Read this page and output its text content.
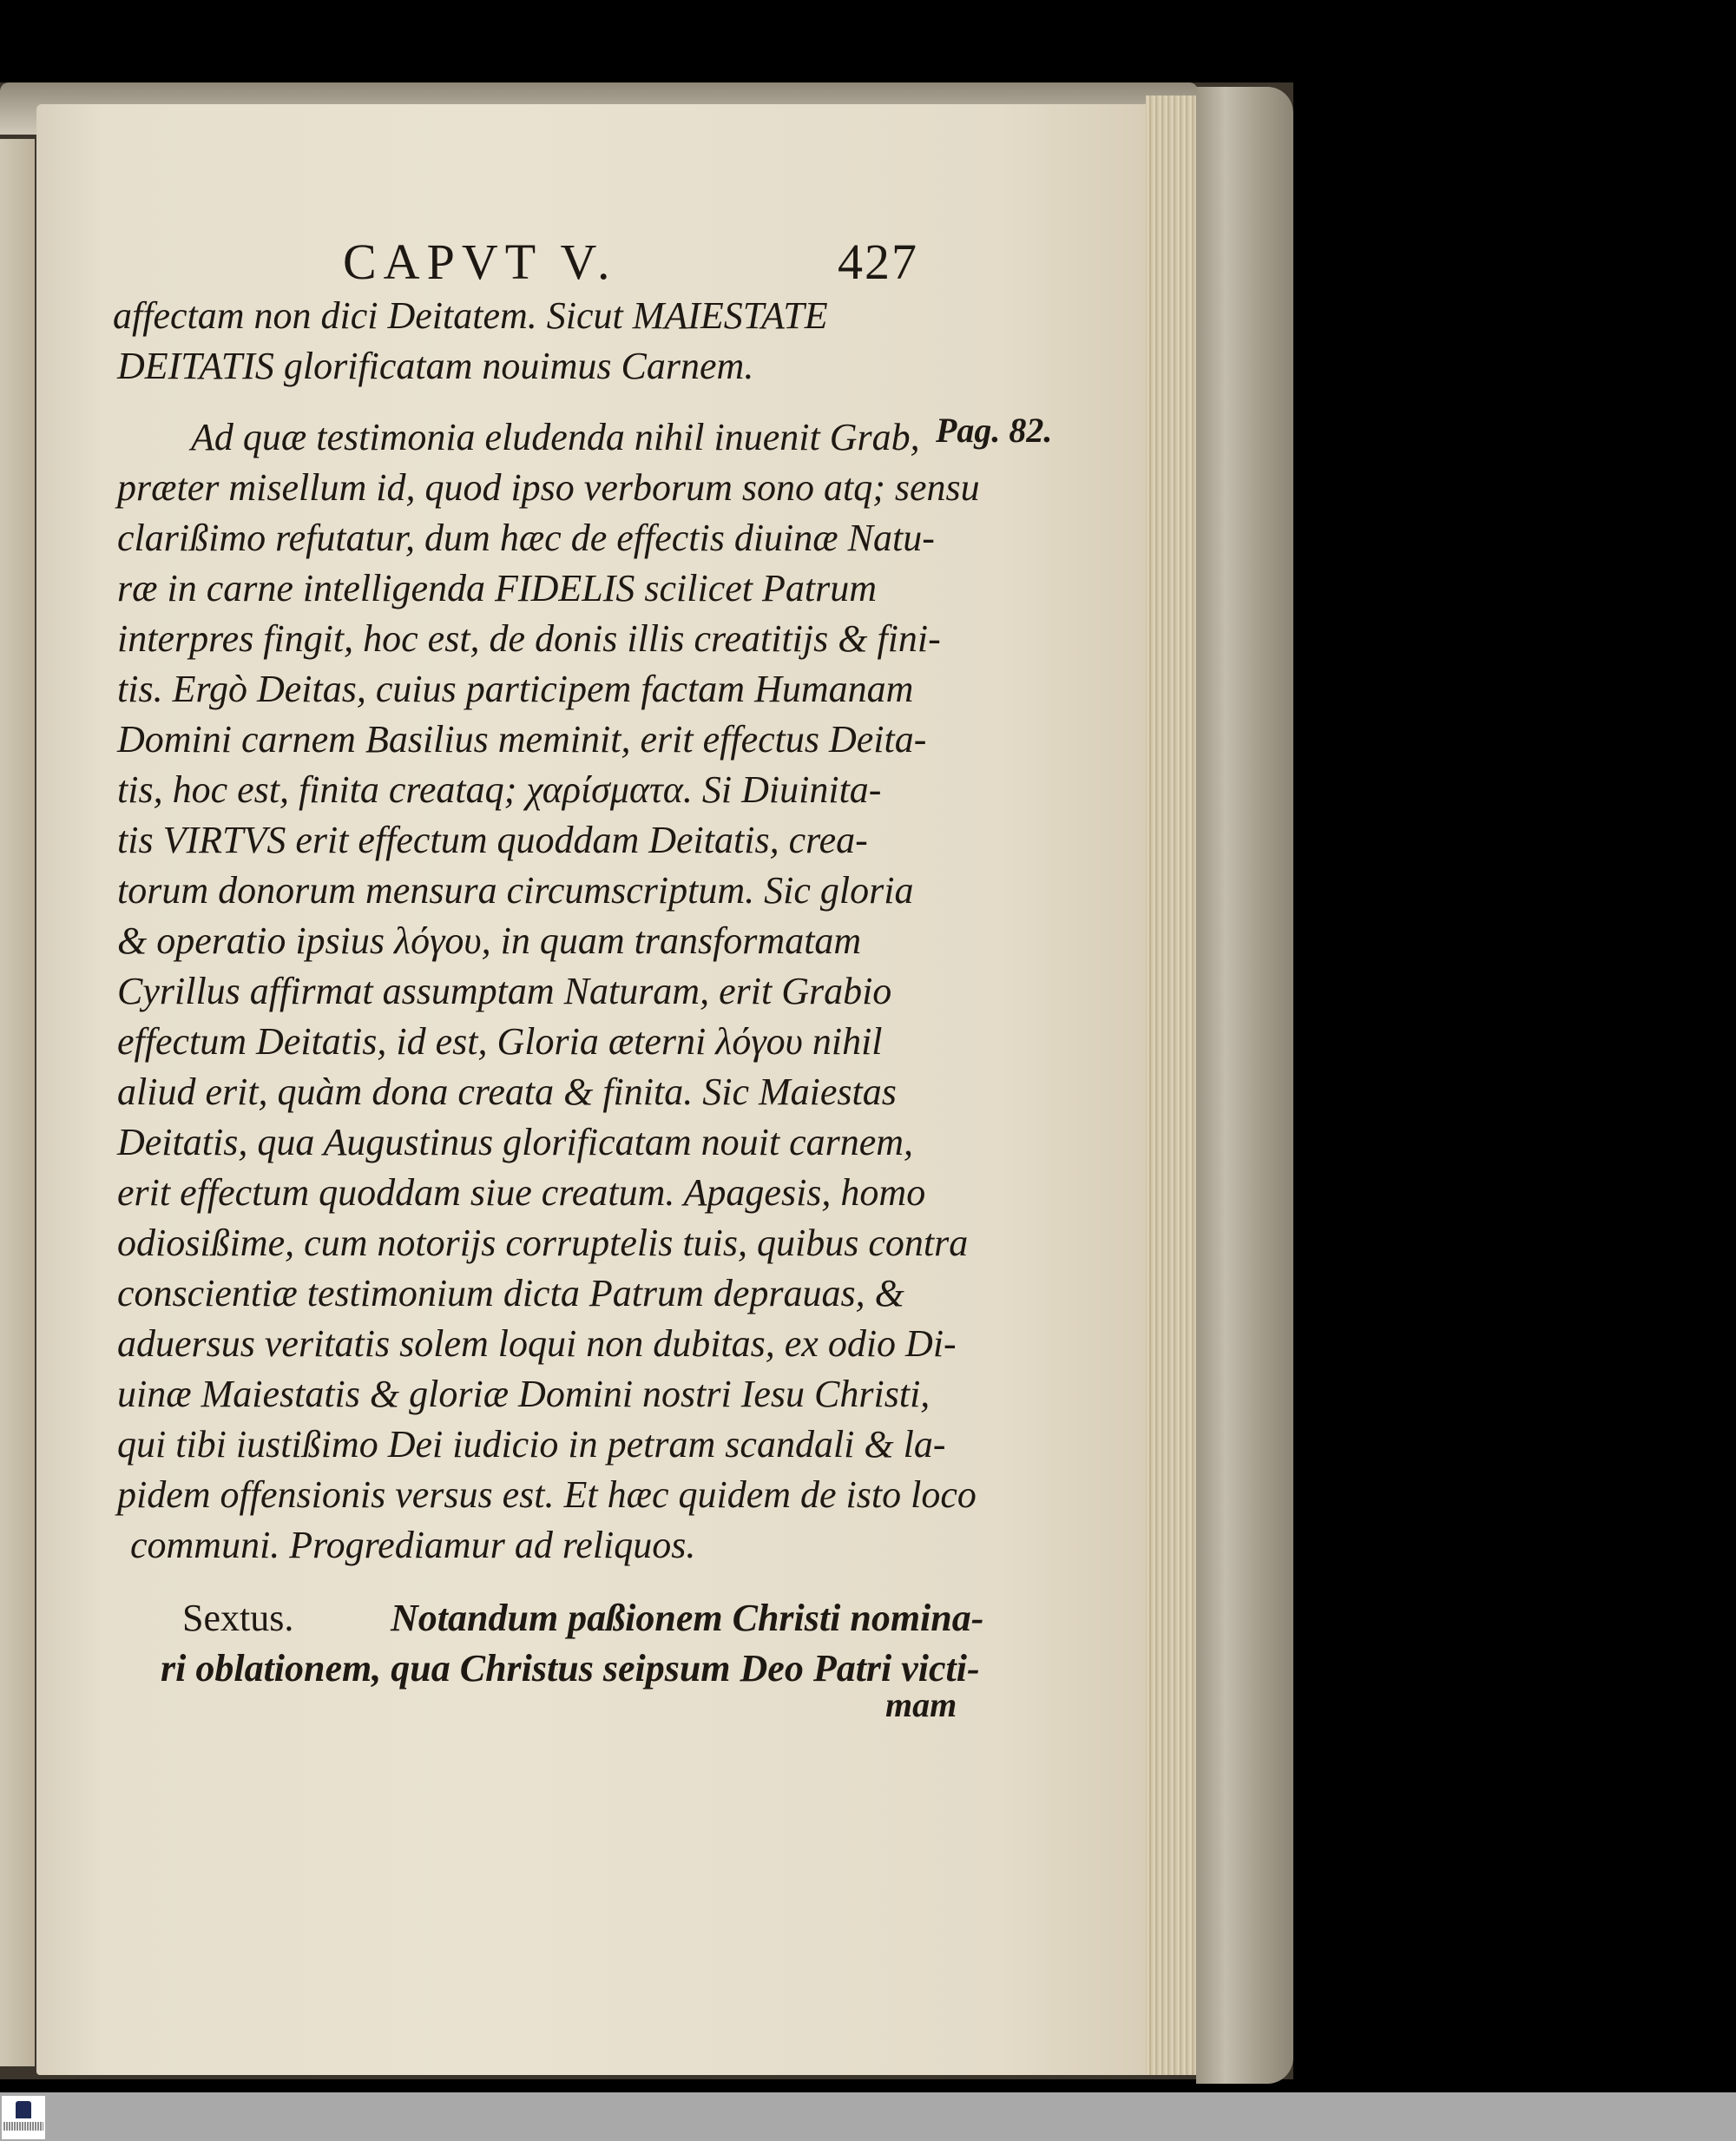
CAPVT V.	427
Pag. 82.
affectam non dici Deitatem. Sicut MAIESTATE
DEITATIS glorificatam nouimus Carnem.
Ad quæ testimonia eludenda nihil inuenit Grab,
præter misellum id, quod ipso verborum sono atq; sensu
clarißimo refutatur, dum hæc de effectis diuinæ Natu-
ræ in carne intelligenda FIDELIS scilicet Patrum
interpres fingit, hoc est, de donis illis creatitijs & fini-
tis. Ergò Deitas, cuius participem factam Humanam
Domini carnem Basilius meminit, erit effectus Deita-
tis, hoc est, finita creataq; χαρίσματα. Si Diuinita-
tis VIRTVS erit effectum quoddam Deitatis, crea-
torum donorum mensura circumscriptum. Sic gloria
& operatio ipsius λόγου, in quam transformatam
Cyrillus affirmat assumptam Naturam, erit Grabio
effectum Deitatis, id est, Gloria æterni λόγου nihil
aliud erit, quàm dona creata & finita. Sic Maiestas
Deitatis, qua Augustinus glorificatam nouit carnem,
erit effectum quoddam siue creatum. Apagesis, homo
odiosißime, cum notorijs corruptelis tuis, quibus contra
conscientiæ testimonium dicta Patrum deprauas, &
aduersus veritatis solem loqui non dubitas, ex odio Di-
uinæ Maiestatis & gloriæ Domini nostri Iesu Christi,
qui tibi iustißimo Dei iudicio in petram scandali & la-
pidem offensionis versus est. Et hæc quidem de isto loco
communi. Progrediamur ad reliquos.
Sextus.	Notandum paßionem Christi nomina-
ri oblationem, qua Christus seipsum Deo Patri victi-
mam
